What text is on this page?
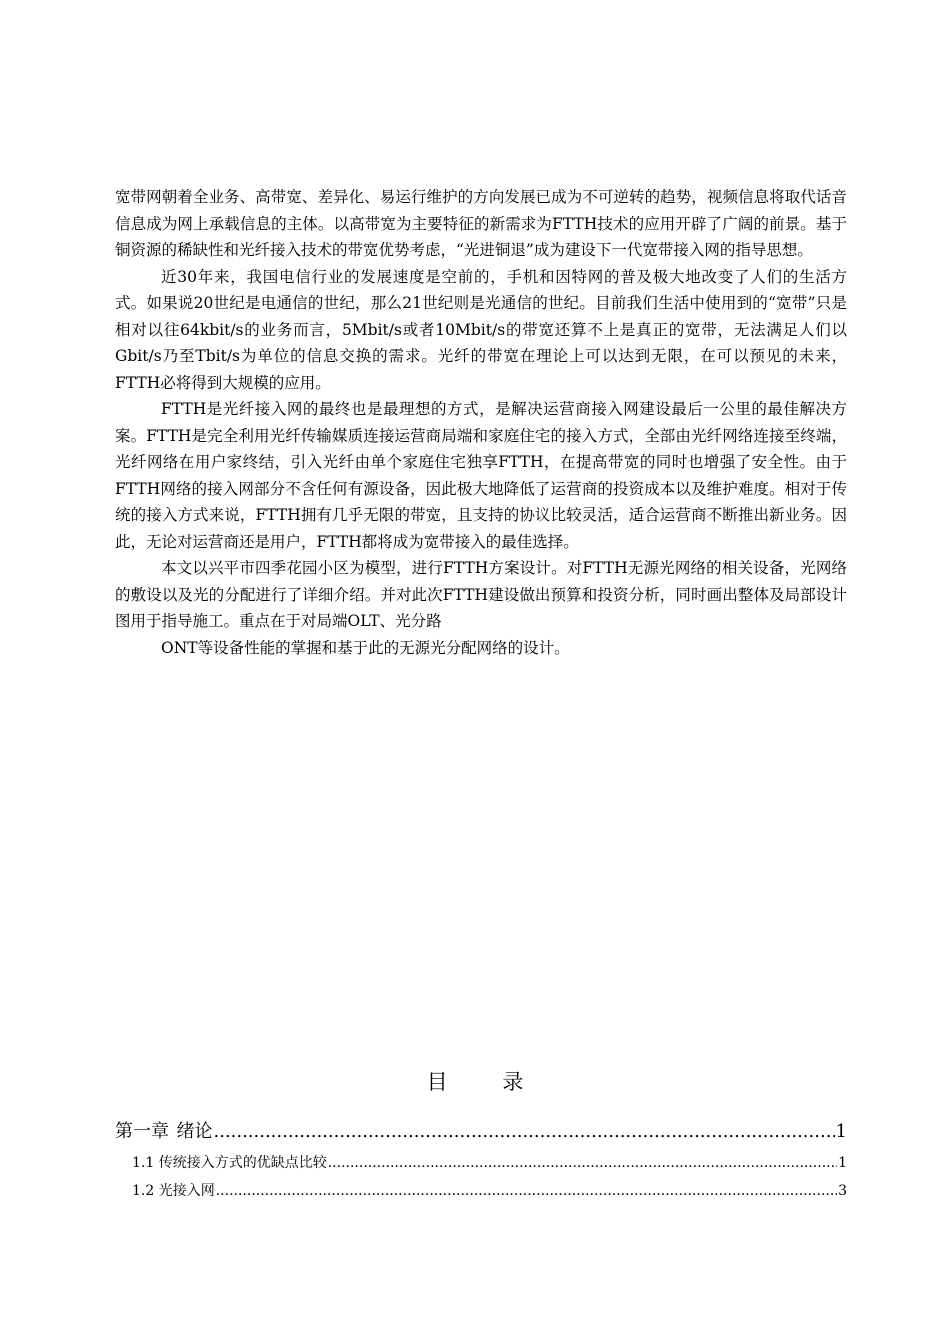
宽带网朝着全业务、高带宽、差异化、易运行维护的方向发展已成为不可逆转的趋势，视频信息将取代话音信息成为网上承载信息的主体。以高带宽为主要特征的新需求为FTTH技术的应用开辟了广阔的前景。基于铜资源的稀缺性和光纤接入技术的带宽优势考虑，“光进铜退”成为建设下一代宽带接入网的指导思想。

近30年来，我国电信行业的发展速度是空前的，手机和因特网的普及极大地改变了人们的生活方式。如果说20世纪是电通信的世纪，那么21世纪则是光通信的世纪。目前我们生活中使用到的“宽带”只是相对以往64kbit/s的业务而言，5Mbit/s或者10Mbit/s的带宽还算不上是真正的宽带，无法满足人们以Gbit/s乃至Tbit/s为单位的信息交换的需求。光纤的带宽在理论上可以达到无限，在可以预见的未来，FTTH必将得到大规模的应用。

FTTH是光纤接入网的最终也是最理想的方式，是解决运营商接入网建设最后一公里的最佳解决方案。FTTH是完全利用光纤传输媒质连接运营商局端和家庭住宅的接入方式，全部由光纤网络连接至终端，光纤网络在用户家终结，引入光纤由单个家庭住宅独享FTTH，在提高带宽的同时也增强了安全性。由于FTTH网络的接入网部分不含任何有源设备，因此极大地降低了运营商的投资成本以及维护难度。相对于传统的接入方式来说，FTTH拥有几乎无限的带宽，且支持的协议比较灵活，适合运营商不断推出新业务。因此，无论对运营商还是用户，FTTH都将成为宽带接入的最佳选择。

本文以兴平市四季花园小区为模型，进行FTTH方案设计。对FTTH无源光网络的相关设备，光网络的敷设以及光的分配进行了详细介绍。并对此次FTTH建设做出预算和投资分析，同时画出整体及局部设计图用于指导施工。重点在于对局端OLT、光分路

ONT等设备性能的掌握和基于此的无源光分配网络的设计。

目 录
第一章 绪论 .....	1
1.1 传统接入方式的优缺点比较 .....	1
1.2 光接入网 .....	3
